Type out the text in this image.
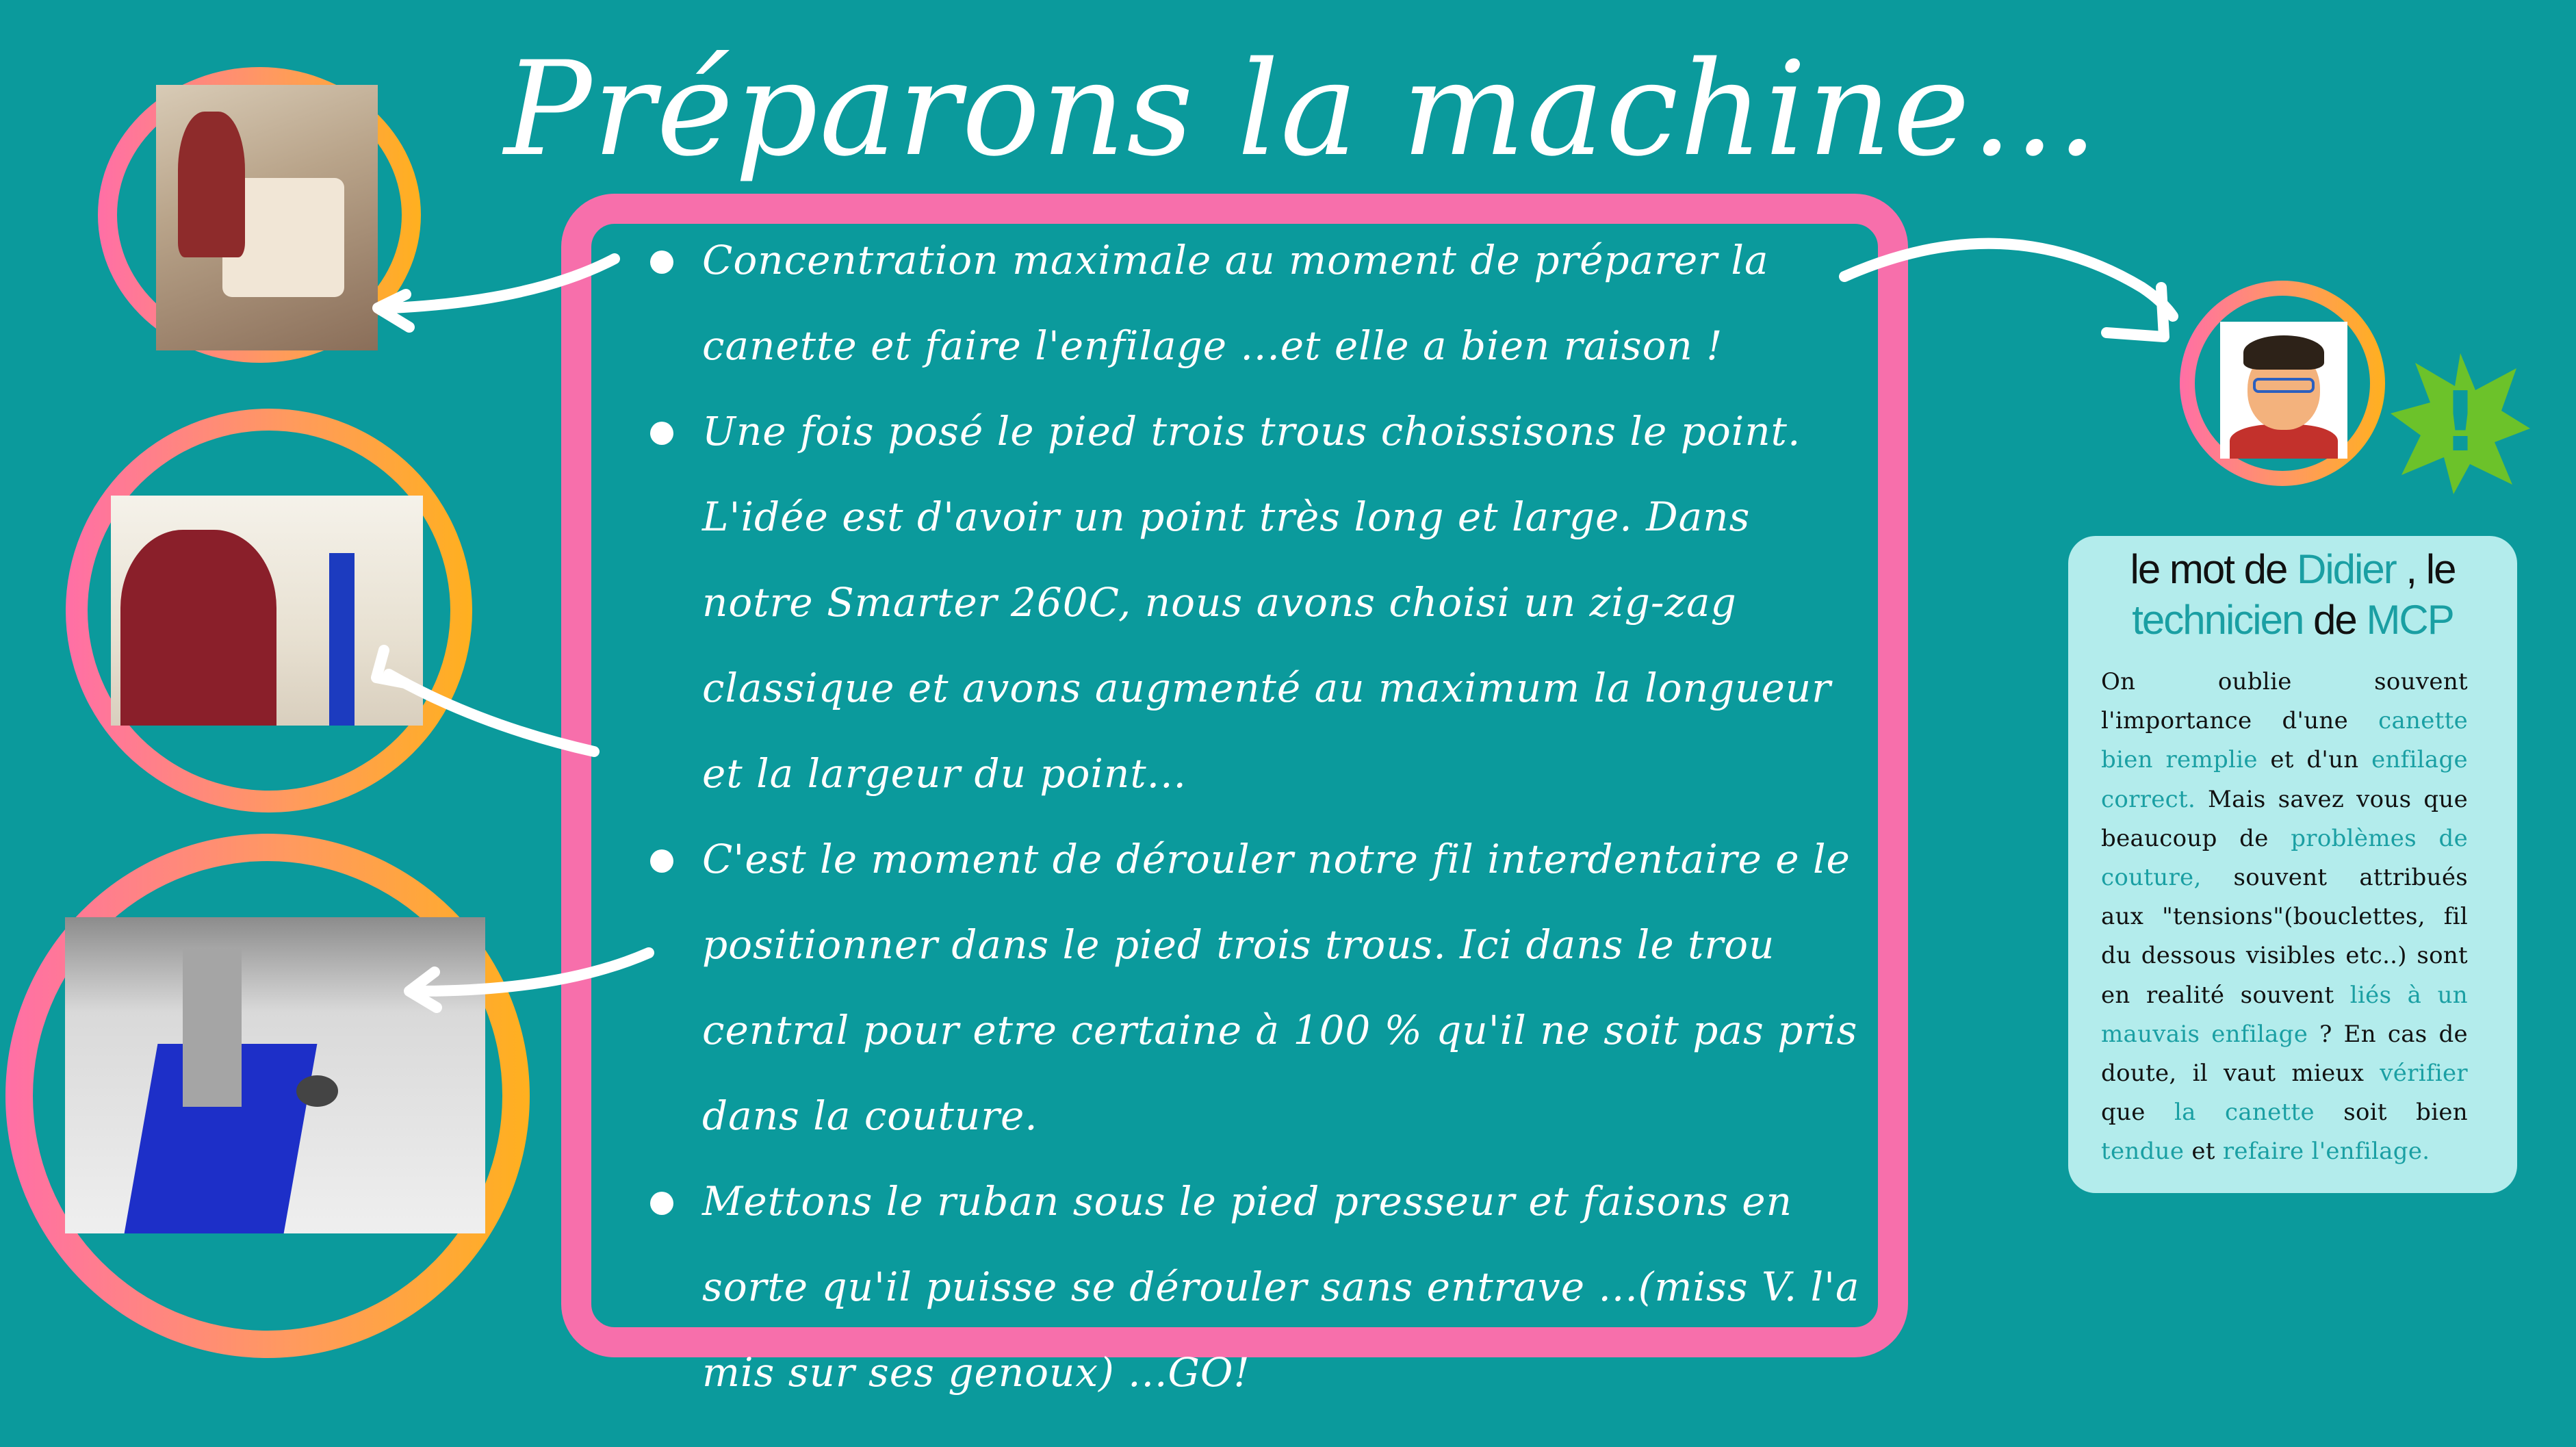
Préparons la machine...
Concentration maximale au moment de préparer la canette et faire l'enfilage ...et elle a bien raison !
Une fois posé le pied trois trous choissisons le point. L'idée est d'avoir un point très long et large. Dans notre Smarter 260C, nous avons choisi un zig-zag classique et avons augmenté au maximum la longueur et la largeur du point...
C'est le moment de dérouler notre fil interdentaire e le positionner dans le pied trois trous. Ici dans le trou central pour etre certaine à 100 % qu'il ne soit pas pris dans la couture.
Mettons le ruban sous le pied presseur et faisons en sorte qu'il puisse se dérouler sans entrave ...(miss V. l'a mis sur ses genoux) ...GO!
!
le mot de Didier , le
technicien de MCP
On oublie souvent l'importance d'une canette bien remplie et d'un enfilage correct. Mais savez vous que beaucoup de problèmes de couture, souvent attribués aux "tensions"(bouclettes, fil du dessous visibles etc..) sont en realité souvent liés à un mauvais enfilage ? En cas de doute, il vaut mieux vérifier que la canette soit bien tendue et refaire l'enfilage.
